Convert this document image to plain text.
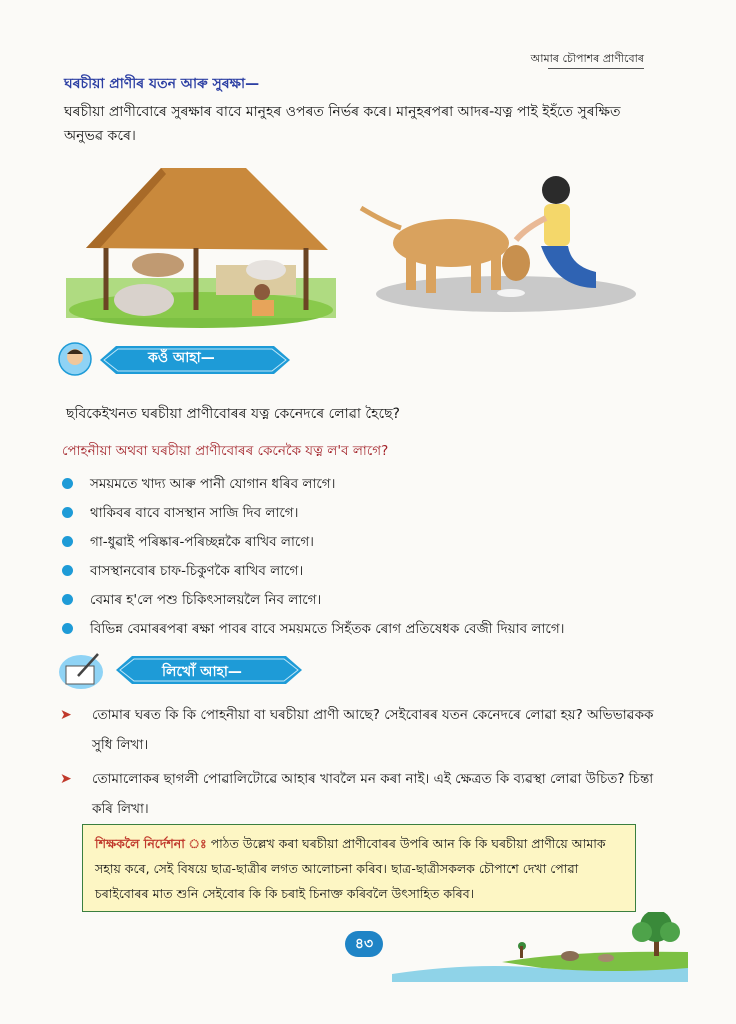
আমাৰ চৌপাশৰ প্ৰাণীবোৰ
ঘৰচীয়া প্ৰাণীৰ যতন আৰু সুৰক্ষা—
ঘৰচীয়া প্ৰাণীবোৰে সুৰক্ষাৰ বাবে মানুহৰ ওপৰত নিৰ্ভৰ কৰে। মানুহৰপৰা আদৰ-যত্ন পাই ইহঁতে সুৰক্ষিত অনুভৱ কৰে।
কওঁ আহা—
ছবিকেইখনত ঘৰচীয়া প্ৰাণীবোৰৰ যত্ন কেনেদৰে লোৱা হৈছে?
পোহনীয়া অথবা ঘৰচীয়া প্ৰাণীবোৰৰ কেনেকৈ যত্ন ল'ব লাগে?
সময়মতে খাদ্য আৰু পানী যোগান ধৰিব লাগে।
থাকিবৰ বাবে বাসস্থান সাজি দিব লাগে।
গা-ধুৱাই পৰিষ্কাৰ-পৰিচ্ছন্নকৈ ৰাখিব লাগে।
বাসস্থানবোৰ চাফ-চিকুণকৈ ৰাখিব লাগে।
বেমাৰ হ'লে পশু চিকিৎসালয়লৈ নিব লাগে।
বিভিন্ন বেমাৰৰপৰা ৰক্ষা পাবৰ বাবে সময়মতে সিহঁতক ৰোগ প্ৰতিষেধক বেজী দিয়াব লাগে।
লিখোঁ আহা—
➤ তোমাৰ ঘৰত কি কি পোহনীয়া বা ঘৰচীয়া প্ৰাণী আছে? সেইবোৰৰ যতন কেনেদৰে লোৱা হয়? অভিভাৱকক সুধি লিখা।
➤ তোমালোকৰ ছাগলী পোৱালিটোৱে আহাৰ খাবলৈ মন কৰা নাই। এই ক্ষেত্ৰত কি ব্যৱস্থা লোৱা উচিত? চিন্তা কৰি লিখা।
শিক্ষকলৈ নিৰ্দেশনা ঃ পাঠত উল্লেখ কৰা ঘৰচীয়া প্ৰাণীবোৰৰ উপৰি আন কি কি ঘৰচীয়া প্ৰাণীয়ে আমাক সহায় কৰে, সেই বিষয়ে ছাত্ৰ-ছাত্ৰীৰ লগত আলোচনা কৰিব। ছাত্ৰ-ছাত্ৰীসকলক চৌপাশে দেখা পোৱা চৰাইবোৰৰ মাত শুনি সেইবোৰ কি কি চৰাই চিনাক্ত কৰিবলৈ উৎসাহিত কৰিব।
৪৩
